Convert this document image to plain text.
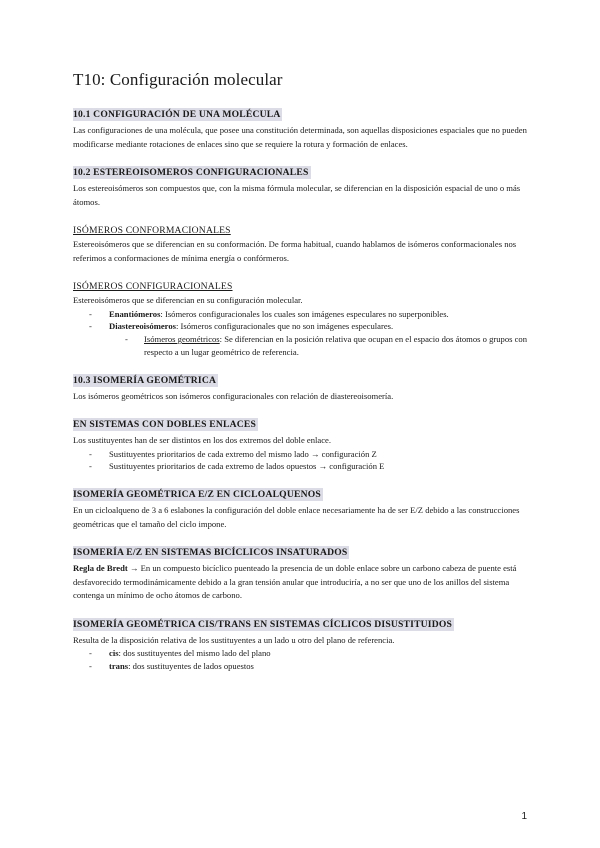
T10: Configuración molecular
10.1 CONFIGURACIÓN DE UNA MOLÉCULA

Las configuraciones de una molécula, que posee una constitución determinada, son aquellas disposiciones espaciales que no pueden modificarse mediante rotaciones de enlaces sino que se requiere la rotura y formación de enlaces.

10.2 ESTEREOISOMEROS CONFIGURACIONALES

Los estereoisómeros son compuestos que, con la misma fórmula molecular, se diferencian en la disposición espacial de uno o más átomos.

ISÓMEROS CONFORMACIONALES

Estereoisómeros que se diferencian en su conformación. De forma habitual, cuando hablamos de isómeros conformacionales nos referimos a conformaciones de mínima energía o confórmeros.

ISÓMEROS CONFIGURACIONALES

Estereoisómeros que se diferencian en su configuración molecular.

- Enantiómeros: Isómeros configuracionales los cuales son imágenes especulares no superponibles.
- Diastereoisómeros: Isómeros configuracionales que no son imágenes especulares.
- Isómeros geométricos: Se diferencian en la posición relativa que ocupan en el espacio dos átomos o grupos con respecto a un lugar geométrico de referencia.
10.3 ISOMERÍA GEOMÉTRICA

Los isómeros geométricos son isómeros configuracionales con relación de diastereoisomería.

EN SISTEMAS CON DOBLES ENLACES

Los sustituyentes han de ser distintos en los dos extremos del doble enlace.

- Sustituyentes prioritarios de cada extremo del mismo lado → configuración Z
- Sustituyentes prioritarios de cada extremo de lados opuestos → configuración E
ISOMERÍA GEOMÉTRICA E/Z EN CICLOALQUENOS

En un cicloalqueno de 3 a 6 eslabones la configuración del doble enlace necesariamente ha de ser E/Z debido a las construcciones geométricas que el tamaño del ciclo impone.

ISOMERÍA E/Z EN SISTEMAS BICÍCLICOS INSATURADOS

Regla de Bredt → En un compuesto bicíclico puenteado la presencia de un doble enlace sobre un carbono cabeza de puente está desfavorecido termodinámicamente debido a la gran tensión anular que introduciría, a no ser que uno de los anillos del sistema contenga un mínimo de ocho átomos de carbono.

ISOMERÍA GEOMÉTRICA CIS/TRANS EN SISTEMAS CÍCLICOS DISUSTITUIDOS

Resulta de la disposición relativa de los sustituyentes a un lado u otro del plano de referencia.

- cis: dos sustituyentes del mismo lado del plano
- trans: dos sustituyentes de lados opuestos
1
